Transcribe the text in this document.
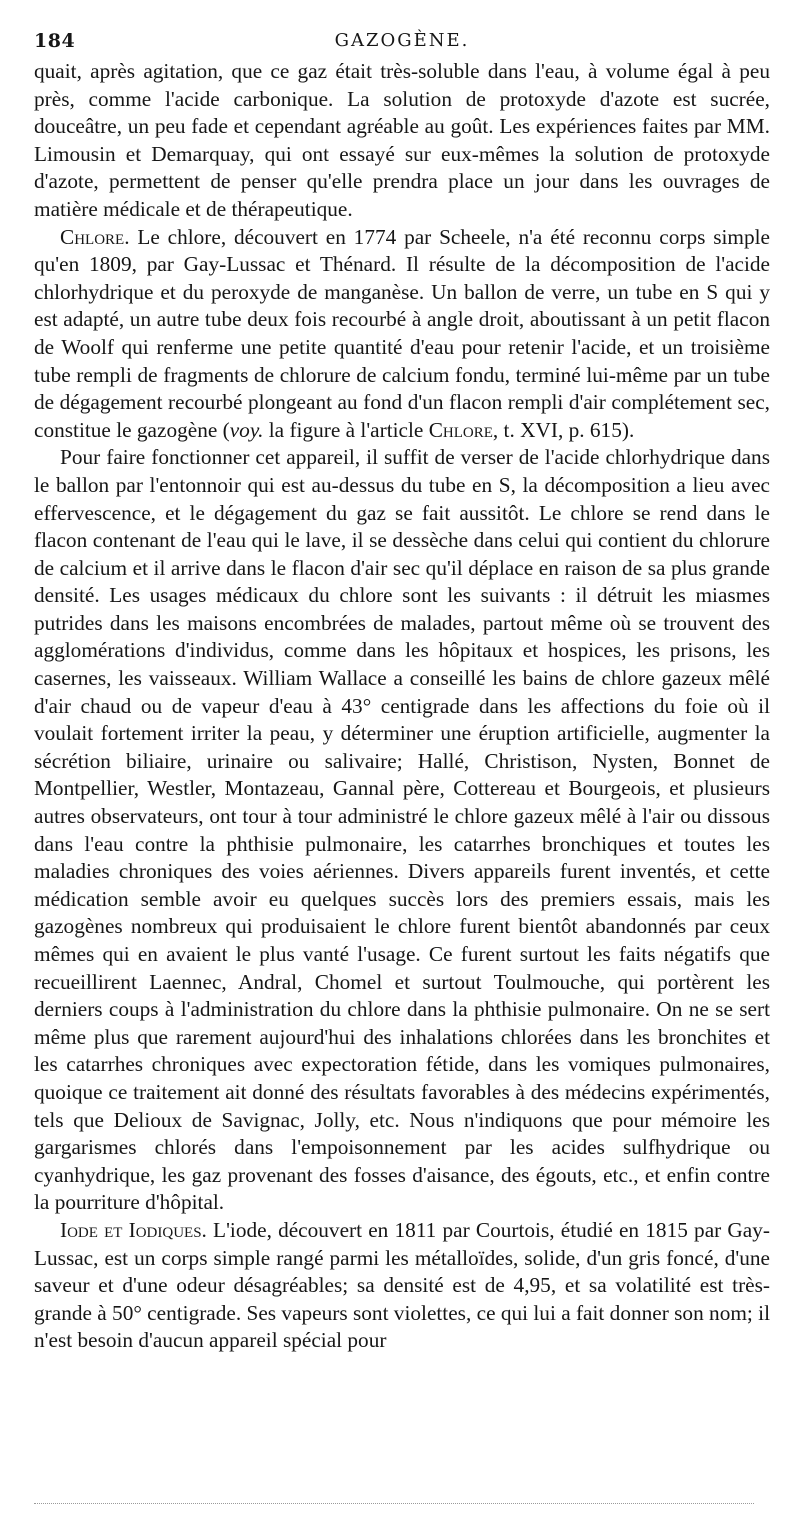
184	GAZOGÈNE.

quait, après agitation, que ce gaz était très-soluble dans l'eau, à volume égal à peu près, comme l'acide carbonique. La solution de protoxyde d'azote est sucrée, douceâtre, un peu fade et cependant agréable au goût. Les expériences faites par MM. Limousin et Demarquay, qui ont essayé sur eux-mêmes la solution de protoxyde d'azote, permettent de penser qu'elle prendra place un jour dans les ouvrages de matière médicale et de thérapeutique.

Chlore. Le chlore, découvert en 1774 par Scheele, n'a été reconnu corps simple qu'en 1809, par Gay-Lussac et Thénard. Il résulte de la décomposition de l'acide chlorhydrique et du peroxyde de manganèse. Un ballon de verre, un tube en S qui y est adapté, un autre tube deux fois recourbé à angle droit, aboutissant à un petit flacon de Woolf qui renferme une petite quantité d'eau pour retenir l'acide, et un troisième tube rempli de fragments de chlorure de calcium fondu, terminé lui-même par un tube de dégagement recourbé plongeant au fond d'un flacon rempli d'air complétement sec, constitue le gazogène (voy. la figure à l'article Chlore, t. XVI, p. 615).

Pour faire fonctionner cet appareil, il suffit de verser de l'acide chlorhydrique dans le ballon par l'entonnoir qui est au-dessus du tube en S, la décomposition a lieu avec effervescence, et le dégagement du gaz se fait aussitôt. Le chlore se rend dans le flacon contenant de l'eau qui le lave, il se dessèche dans celui qui contient du chlorure de calcium et il arrive dans le flacon d'air sec qu'il déplace en raison de sa plus grande densité. Les usages médicaux du chlore sont les suivants : il détruit les miasmes putrides dans les maisons encombrées de malades, partout même où se trouvent des agglomérations d'individus, comme dans les hôpitaux et hospices, les prisons, les casernes, les vaisseaux. William Wallace a conseillé les bains de chlore gazeux mêlé d'air chaud ou de vapeur d'eau à 43° centigrade dans les affections du foie où il voulait fortement irriter la peau, y déterminer une éruption artificielle, augmenter la sécrétion biliaire, urinaire ou salivaire; Hallé, Christison, Nysten, Bonnet de Montpellier, Westler, Montazeau, Gannal père, Cottereau et Bourgeois, et plusieurs autres observateurs, ont tour à tour administré le chlore gazeux mêlé à l'air ou dissous dans l'eau contre la phthisie pulmonaire, les catarrhes bronchiques et toutes les maladies chroniques des voies aériennes. Divers appareils furent inventés, et cette médication semble avoir eu quelques succès lors des premiers essais, mais les gazogènes nombreux qui produisaient le chlore furent bientôt abandonnés par ceux mêmes qui en avaient le plus vanté l'usage. Ce furent surtout les faits négatifs que recueillirent Laennec, Andral, Chomel et surtout Toulmouche, qui portèrent les derniers coups à l'administration du chlore dans la phthisie pulmonaire. On ne se sert même plus que rarement aujourd'hui des inhalations chlorées dans les bronchites et les catarrhes chroniques avec expectoration fétide, dans les vomiques pulmonaires, quoique ce traitement ait donné des résultats favorables à des médecins expérimentés, tels que Delioux de Savignac, Jolly, etc. Nous n'indiquons que pour mémoire les gargarismes chlorés dans l'empoisonnement par les acides sulfhydrique ou cyanhydrique, les gaz provenant des fosses d'aisance, des égouts, etc., et enfin contre la pourriture d'hôpital.

Iode et Iodiques. L'iode, découvert en 1811 par Courtois, étudié en 1815 par Gay-Lussac, est un corps simple rangé parmi les métalloïdes, solide, d'un gris foncé, d'une saveur et d'une odeur désagréables; sa densité est de 4,95, et sa volatilité est très-grande à 50° centigrade. Ses vapeurs sont violettes, ce qui lui a fait donner son nom; il n'est besoin d'aucun appareil spécial pour
